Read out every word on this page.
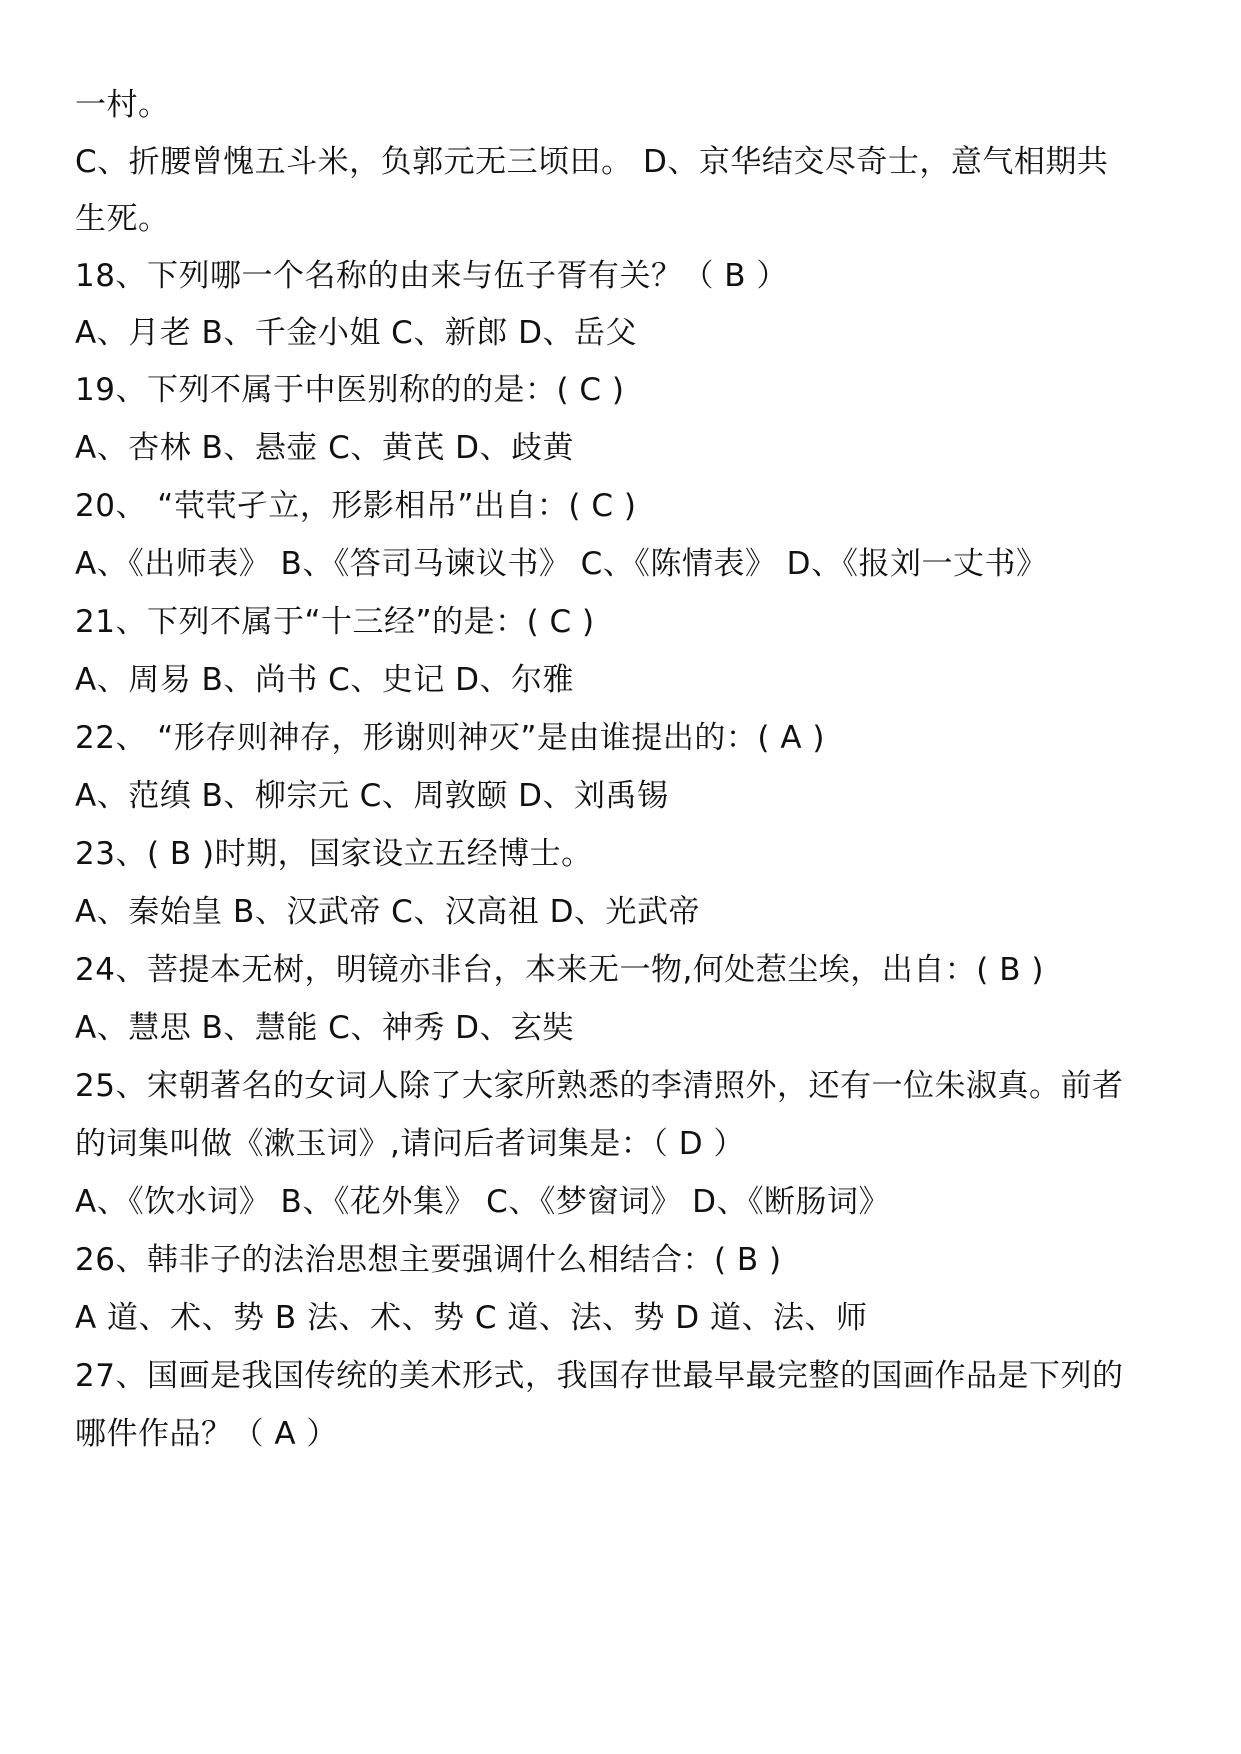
一村。
C、折腰曾愧五斗米，负郭元无三顷田。 D、京华结交尽奇士，意气相期共
生死。
18、下列哪一个名称的由来与伍子胥有关？（ B ）
A、月老 B、千金小姐 C、新郎 D、岳父
19、下列不属于中医别称的的是：( C )
A、杏林 B、悬壶 C、黄芪 D、歧黄
20、 “茕茕孑立，形影相吊”出自：( C )
A、《出师表》 B、《答司马谏议书》 C、《陈情表》 D、《报刘一丈书》
21、下列不属于“十三经”的是：( C )
A、周易 B、尚书 C、史记 D、尔雅
22、 “形存则神存，形谢则神灭”是由谁提出的：( A )
A、范缜 B、柳宗元 C、周敦颐 D、刘禹锡
23、( B )时期，国家设立五经博士。
A、秦始皇 B、汉武帝 C、汉高祖 D、光武帝
24、菩提本无树，明镜亦非台，本来无一物,何处惹尘埃，出自：( B )
A、慧思 B、慧能 C、神秀 D、玄奘
25、宋朝著名的女词人除了大家所熟悉的李清照外，还有一位朱淑真。前者
的词集叫做《漱玉词》,请问后者词集是：（ D ）
A、《饮水词》 B、《花外集》 C、《梦窗词》 D、《断肠词》
26、韩非子的法治思想主要强调什么相结合：( B )
A 道、术、势 B 法、术、势 C 道、法、势 D 道、法、师
27、国画是我国传统的美术形式，我国存世最早最完整的国画作品是下列的
哪件作品？（ A ）
